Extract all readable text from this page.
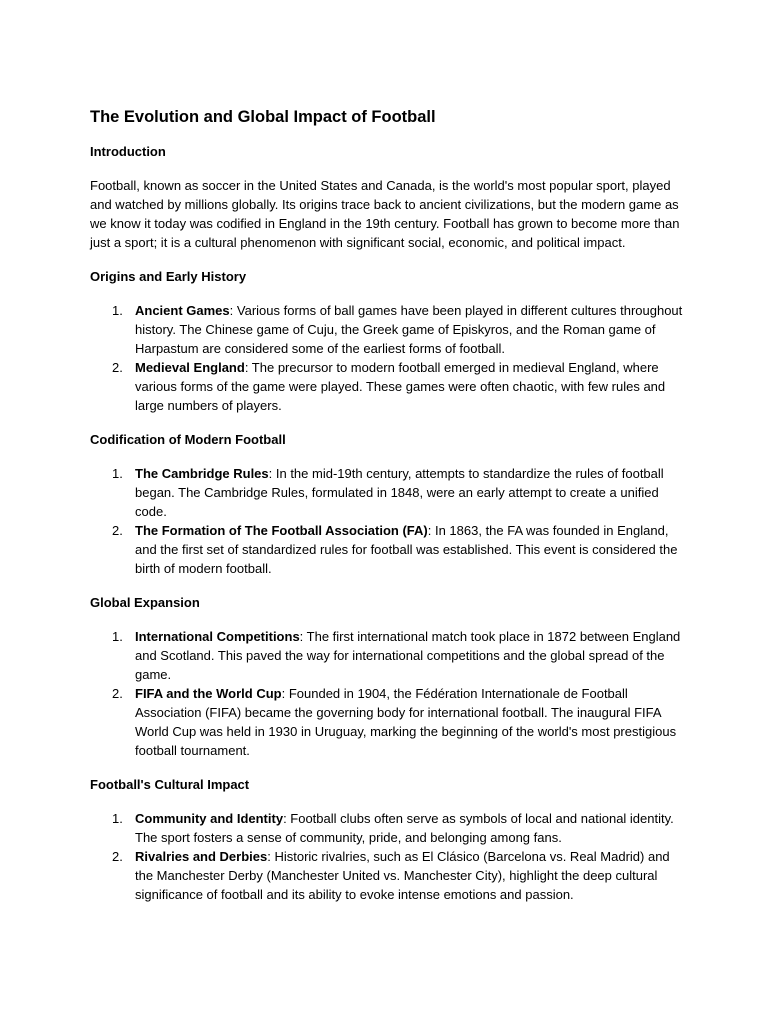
The Evolution and Global Impact of Football
Introduction

Football, known as soccer in the United States and Canada, is the world's most popular sport, played and watched by millions globally. Its origins trace back to ancient civilizations, but the modern game as we know it today was codified in England in the 19th century. Football has grown to become more than just a sport; it is a cultural phenomenon with significant social, economic, and political impact.

Origins and Early History
1. Ancient Games: Various forms of ball games have been played in different cultures throughout history. The Chinese game of Cuju, the Greek game of Episkyros, and the Roman game of Harpastum are considered some of the earliest forms of football.
2. Medieval England: The precursor to modern football emerged in medieval England, where various forms of the game were played. These games were often chaotic, with few rules and large numbers of players.
Codification of Modern Football
1. The Cambridge Rules: In the mid-19th century, attempts to standardize the rules of football began. The Cambridge Rules, formulated in 1848, were an early attempt to create a unified code.
2. The Formation of The Football Association (FA): In 1863, the FA was founded in England, and the first set of standardized rules for football was established. This event is considered the birth of modern football.
Global Expansion
1. International Competitions: The first international match took place in 1872 between England and Scotland. This paved the way for international competitions and the global spread of the game.
2. FIFA and the World Cup: Founded in 1904, the Fédération Internationale de Football Association (FIFA) became the governing body for international football. The inaugural FIFA World Cup was held in 1930 in Uruguay, marking the beginning of the world's most prestigious football tournament.
Football's Cultural Impact
1. Community and Identity: Football clubs often serve as symbols of local and national identity. The sport fosters a sense of community, pride, and belonging among fans.
2. Rivalries and Derbies: Historic rivalries, such as El Clásico (Barcelona vs. Real Madrid) and the Manchester Derby (Manchester United vs. Manchester City), highlight the deep cultural significance of football and its ability to evoke intense emotions and passion.
